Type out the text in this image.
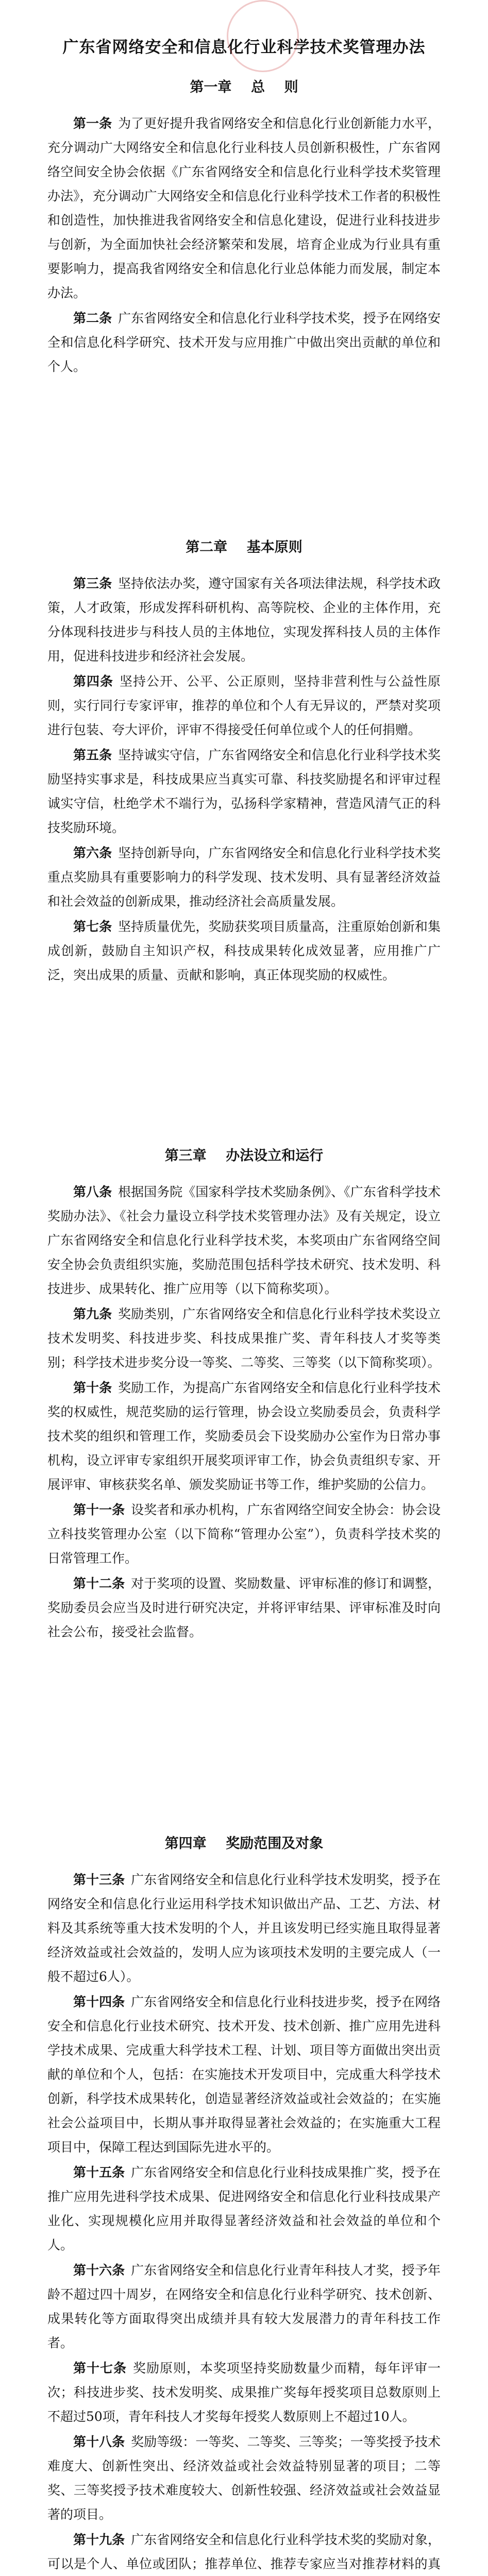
广东省网络安全和信息化行业科学技术奖管理办法
第一章    总    则

第一条 为了更好提升我省网络安全和信息化行业创新能力水平，充分调动广大网络安全和信息化行业科技人员创新积极性，广东省网络空间安全协会依据《广东省网络安全和信息化行业科学技术奖管理办法》，充分调动广大网络安全和信息化行业科学技术工作者的积极性和创造性，加快推进我省网络安全和信息化建设，促进行业科技进步与创新，为全面加快社会经济繁荣和发展，培育企业成为行业具有重要影响力，提高我省网络安全和信息化行业总体能力而发展，制定本办法。

第二条 广东省网络安全和信息化行业科学技术奖，授予在网络安全和信息化科学研究、技术开发与应用推广中做出突出贡献的单位和个人。

第二章    基本原则

第三条 坚持依法办奖，遵守国家有关各项法律法规，科学技术政策，人才政策，形成发挥科研机构、高等院校、企业的主体作用，充分体现科技进步与科技人员的主体地位，实现发挥科技人员的主体作用，促进科技进步和经济社会发展。

第四条 坚持公开、公平、公正原则，坚持非营利性与公益性原则，实行同行专家评审，推荐的单位和个人有无异议的，严禁对奖项进行包装、夸大评价，评审不得接受任何单位或个人的任何捐赠。

第五条 坚持诚实守信，广东省网络安全和信息化行业科学技术奖励坚持实事求是，科技成果应当真实可靠、科技奖励提名和评审过程诚实守信，杜绝学术不端行为，弘扬科学家精神，营造风清气正的科技奖励环境。

第六条 坚持创新导向，广东省网络安全和信息化行业科学技术奖重点奖励具有重要影响力的科学发现、技术发明、具有显著经济效益和社会效益的创新成果，推动经济社会高质量发展。

第七条 坚持质量优先，奖励获奖项目质量高，注重原始创新和集成创新，鼓励自主知识产权，科技成果转化成效显著，应用推广广泛，突出成果的质量、贡献和影响，真正体现奖励的权威性。

第三章    办法设立和运行

第八条 根据国务院《国家科学技术奖励条例》、《广东省科学技术奖励办法》、《社会力量设立科学技术奖管理办法》及有关规定，设立广东省网络安全和信息化行业科学技术奖，本奖项由广东省网络空间安全协会负责组织实施，奖励范围包括科学技术研究、技术发明、科技进步、成果转化、推广应用等（以下简称奖项）。

第九条 奖励类别，广东省网络安全和信息化行业科学技术奖设立技术发明奖、科技进步奖、科技成果推广奖、青年科技人才奖等类别；科学技术进步奖分设一等奖、二等奖、三等奖（以下简称奖项）。

第十条 奖励工作，为提高广东省网络安全和信息化行业科学技术奖的权威性，规范奖励的运行管理，协会设立奖励委员会，负责科学技术奖的组织和管理工作，奖励委员会下设奖励办公室作为日常办事机构，设立评审专家组织开展奖项评审工作，协会负责组织专家、开展评审、审核获奖名单、颁发奖励证书等工作，维护奖励的公信力。

第十一条 设奖者和承办机构，广东省网络空间安全协会：协会设立科技奖管理办公室（以下简称“管理办公室”），负责科学技术奖的日常管理工作。

第十二条 对于奖项的设置、奖励数量、评审标准的修订和调整，奖励委员会应当及时进行研究决定，并将评审结果、评审标准及时向社会公布，接受社会监督。

第四章    奖励范围及对象

第十三条 广东省网络安全和信息化行业科学技术发明奖，授予在网络安全和信息化行业运用科学技术知识做出产品、工艺、方法、材料及其系统等重大技术发明的个人，并且该发明已经实施且取得显著经济效益或社会效益的，发明人应为该项技术发明的主要完成人（一般不超过6人）。

第十四条 广东省网络安全和信息化行业科技进步奖，授予在网络安全和信息化行业技术研究、技术开发、技术创新、推广应用先进科学技术成果、完成重大科学技术工程、计划、项目等方面做出突出贡献的单位和个人，包括：在实施技术开发项目中，完成重大科学技术创新，科学技术成果转化，创造显著经济效益或社会效益的；在实施社会公益项目中，长期从事并取得显著社会效益的；在实施重大工程项目中，保障工程达到国际先进水平的。

第十五条 广东省网络安全和信息化行业科技成果推广奖，授予在推广应用先进科学技术成果、促进网络安全和信息化行业科技成果产业化、实现规模化应用并取得显著经济效益和社会效益的单位和个人。

第十六条 广东省网络安全和信息化行业青年科技人才奖，授予年龄不超过四十周岁，在网络安全和信息化行业科学研究、技术创新、成果转化等方面取得突出成绩并具有较大发展潜力的青年科技工作者。

第十七条 奖励原则，本奖项坚持奖励数量少而精，每年评审一次；科技进步奖、技术发明奖、成果推广奖每年授奖项目总数原则上不超过50项，青年科技人才奖每年授奖人数原则上不超过10人。

第十八条 奖励等级：一等奖、二等奖、三等奖；一等奖授予技术难度大、创新性突出、经济效益或社会效益特别显著的项目；二等奖、三等奖授予技术难度较大、创新性较强、经济效益或社会效益显著的项目。

第十九条 广东省网络安全和信息化行业科学技术奖的奖励对象，可以是个人、单位或团队；推荐单位、推荐专家应当对推荐材料的真
